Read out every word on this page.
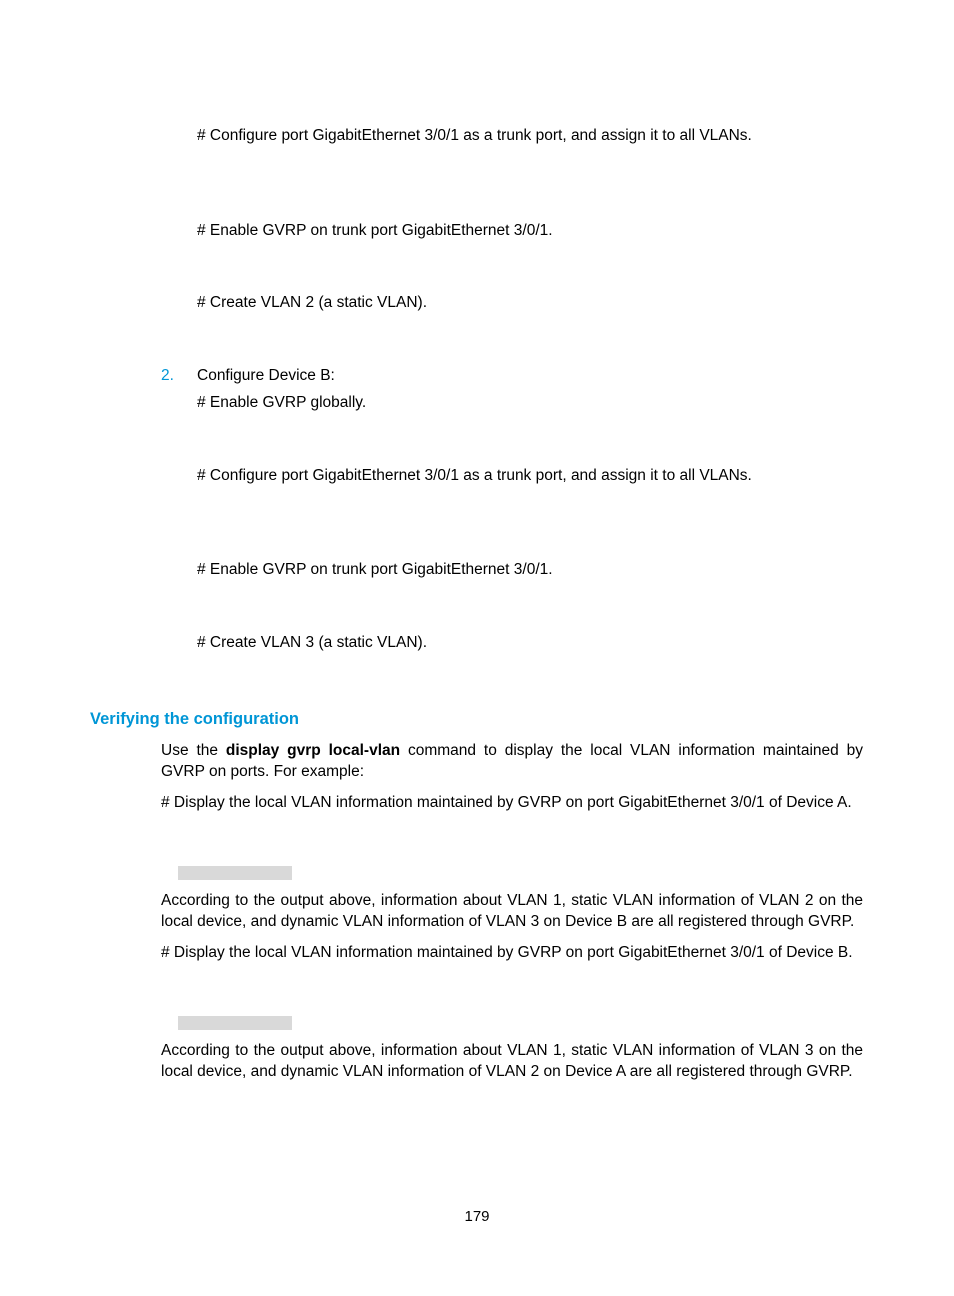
# Configure port GigabitEthernet 3/0/1 as a trunk port, and assign it to all VLANs.
# Enable GVRP on trunk port GigabitEthernet 3/0/1.
# Create VLAN 2 (a static VLAN).
2. Configure Device B:
# Enable GVRP globally.
# Configure port GigabitEthernet 3/0/1 as a trunk port, and assign it to all VLANs.
# Enable GVRP on trunk port GigabitEthernet 3/0/1.
# Create VLAN 3 (a static VLAN).
Verifying the configuration
Use the display gvrp local-vlan command to display the local VLAN information maintained by GVRP on ports. For example:
# Display the local VLAN information maintained by GVRP on port GigabitEthernet 3/0/1 of Device A.
According to the output above, information about VLAN 1, static VLAN information of VLAN 2 on the local device, and dynamic VLAN information of VLAN 3 on Device B are all registered through GVRP.
# Display the local VLAN information maintained by GVRP on port GigabitEthernet 3/0/1 of Device B.
According to the output above, information about VLAN 1, static VLAN information of VLAN 3 on the local device, and dynamic VLAN information of VLAN 2 on Device A are all registered through GVRP.
179
